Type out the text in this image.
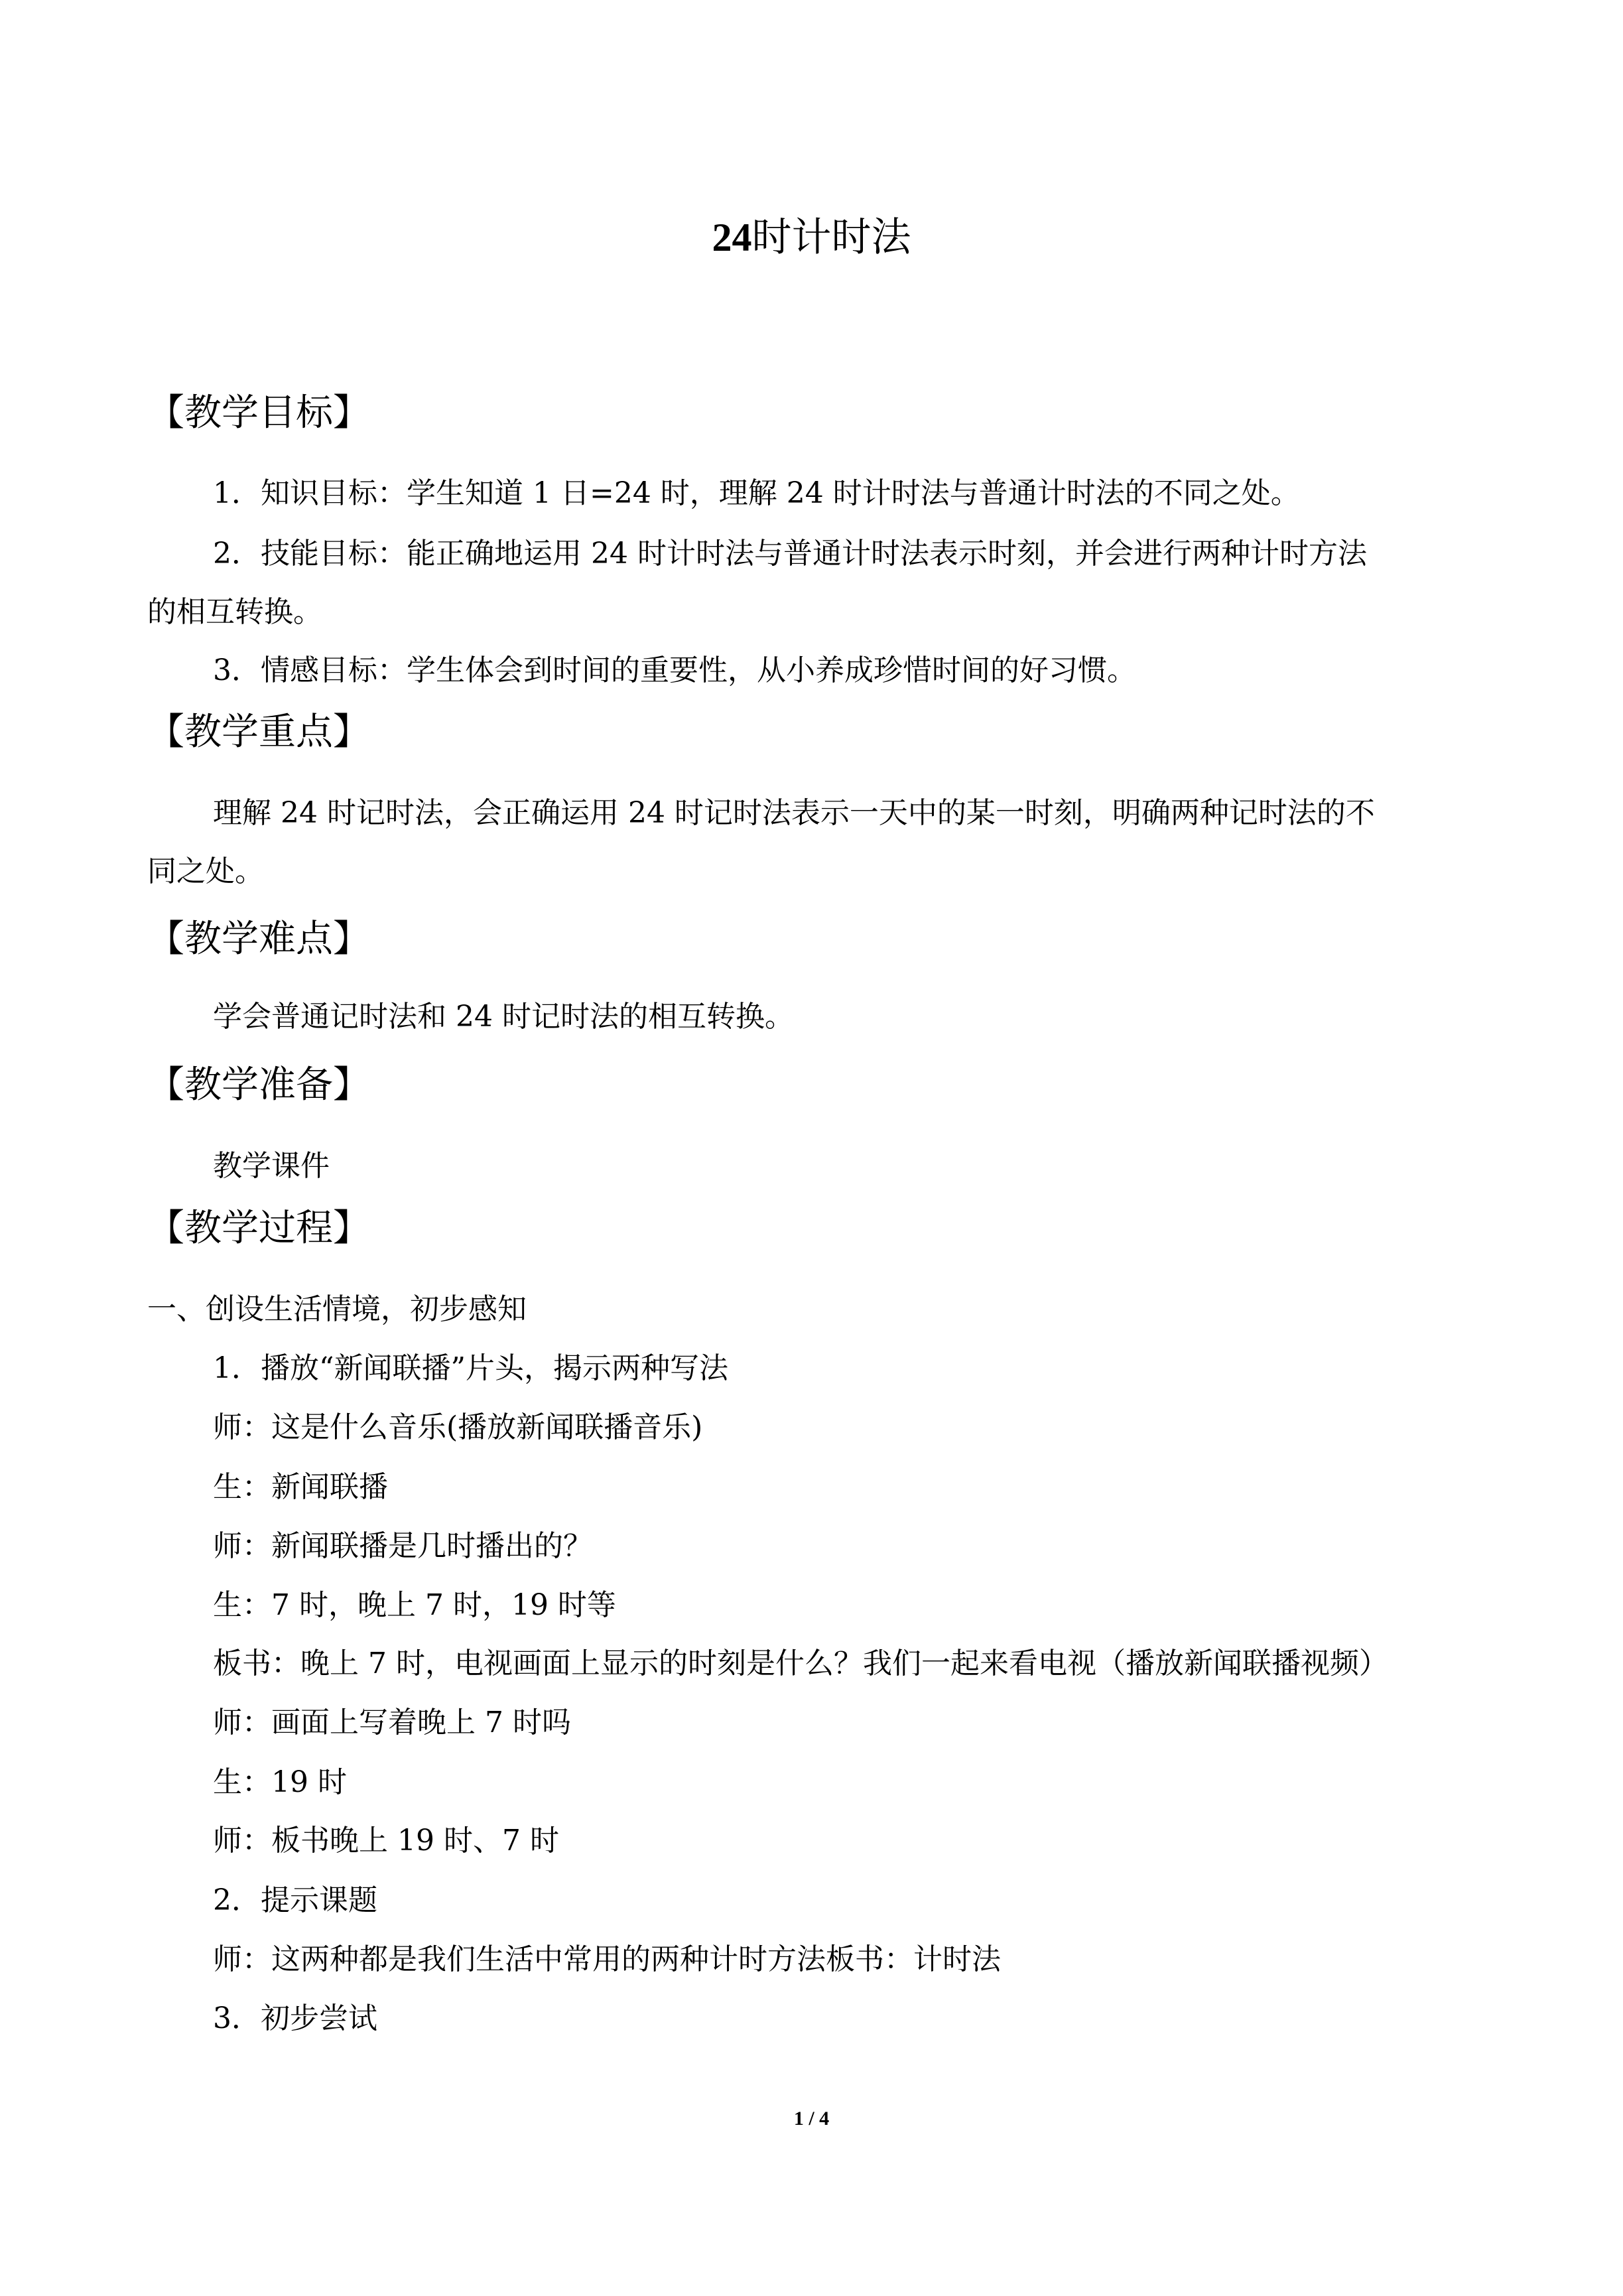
24时计时法
【教学目标】
1．知识目标：学生知道 1 日=24 时，理解 24 时计时法与普通计时法的不同之处。
2．技能目标：能正确地运用 24 时计时法与普通计时法表示时刻，并会进行两种计时方法
的相互转换。
3．情感目标：学生体会到时间的重要性，从小养成珍惜时间的好习惯。
【教学重点】
理解 24 时记时法，会正确运用 24 时记时法表示一天中的某一时刻，明确两种记时法的不
同之处。
【教学难点】
学会普通记时法和 24 时记时法的相互转换。
【教学准备】
教学课件
【教学过程】
一、创设生活情境，初步感知
1．播放“新闻联播”片头，揭示两种写法
师：这是什么音乐(播放新闻联播音乐)
生：新闻联播
师：新闻联播是几时播出的？
生：7 时，晚上 7 时，19 时等
板书：晚上 7 时，电视画面上显示的时刻是什么？我们一起来看电视（播放新闻联播视频）
师：画面上写着晚上 7 时吗
生：19 时
师：板书晚上 19 时、7 时
2．提示课题
师：这两种都是我们生活中常用的两种计时方法板书：计时法
3．初步尝试
1 / 4
